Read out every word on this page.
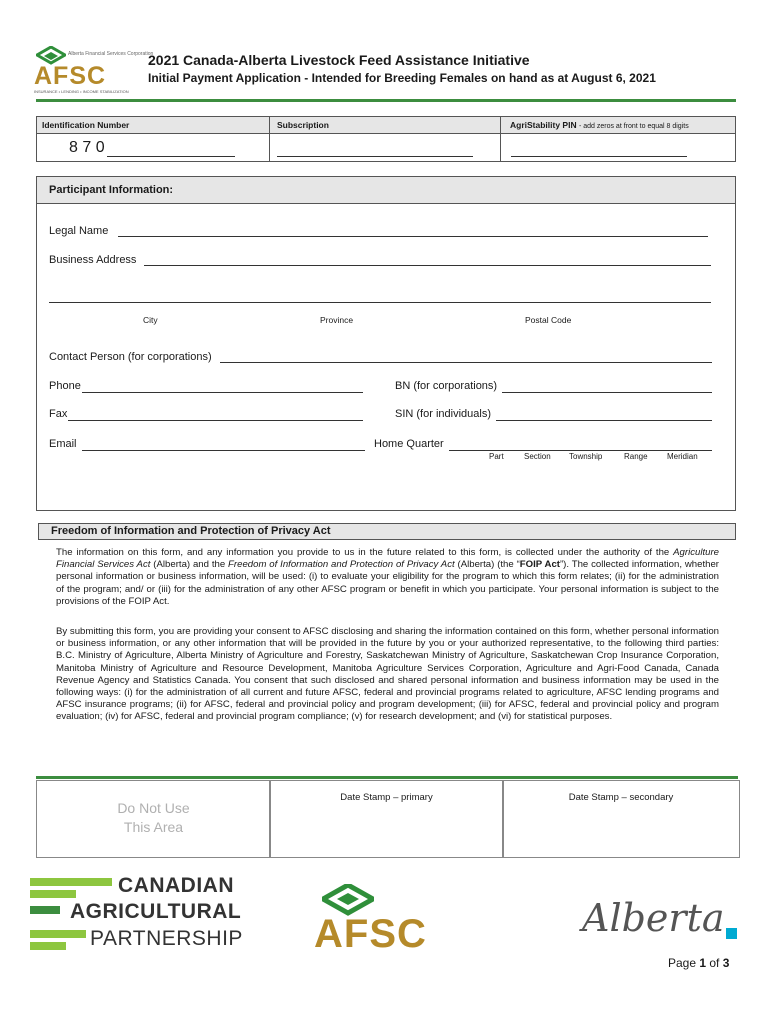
Alberta Financial Services Corporation
AFSC
INSURANCE • LENDING • INCOME STABILIZATION
2021 Canada-Alberta Livestock Feed Assistance Initiative
Initial Payment Application - Intended for Breeding Females on hand as at August 6, 2021
Identification Number	Subscription	AgriStability PIN - add zeros at front to equal 8 digits
8 7 0
Participant Information:
Legal Name
Business Address
City	Province	Postal Code
Contact Person (for corporations)
Phone	BN (for corporations)
Fax	SIN (for individuals)
Email	Home Quarter
Part	Section Township	Range Meridian
Freedom of Information and Protection of Privacy Act
The information on this form, and any information you provide to us in the future related to this form, is collected under the authority of the Agriculture Financial Services Act (Alberta) and the Freedom of Information and Protection of Privacy Act (Alberta) (the “FOIP Act”). The collected information, whether personal information or business information, will be used: (i) to evaluate your eligibility for the program to which this form relates; (ii) for the administration of the program; and/ or (iii) for the administration of any other AFSC program or benefit in which you participate. Your personal information is subject to the provisions of the FOIP Act.
By submitting this form, you are providing your consent to AFSC disclosing and sharing the information contained on this form, whether personal information or business information, or any other information that will be provided in the future by you or your authorized representative, to the following third parties: B.C. Ministry of Agriculture, Alberta Ministry of Agriculture and Forestry, Saskatchewan Ministry of Agriculture, Saskatchewan Crop Insurance Corporation, Manitoba Ministry of Agriculture and Resource Development, Manitoba Agriculture Services Corporation, Agriculture and Agri-Food Canada, Canada Revenue Agency and Statistics Canada. You consent that such disclosed and shared personal information and business information may be used in the following ways: (i) for the administration of all current and future AFSC, federal and provincial programs related to agriculture, AFSC lending programs and AFSC insurance programs; (ii) for AFSC, federal and provincial policy and program development; (iii) for AFSC, federal and provincial policy and program evaluation; (iv) for AFSC, federal and provincial program compliance; (v) for research development; and (vi) for statistical purposes.
Do Not Use
This Area
Date Stamp – primary	Date Stamp – secondary
CANADIAN
AGRICULTURAL
PARTNERSHIP AFSC	Alberta
Page 1 of 3
